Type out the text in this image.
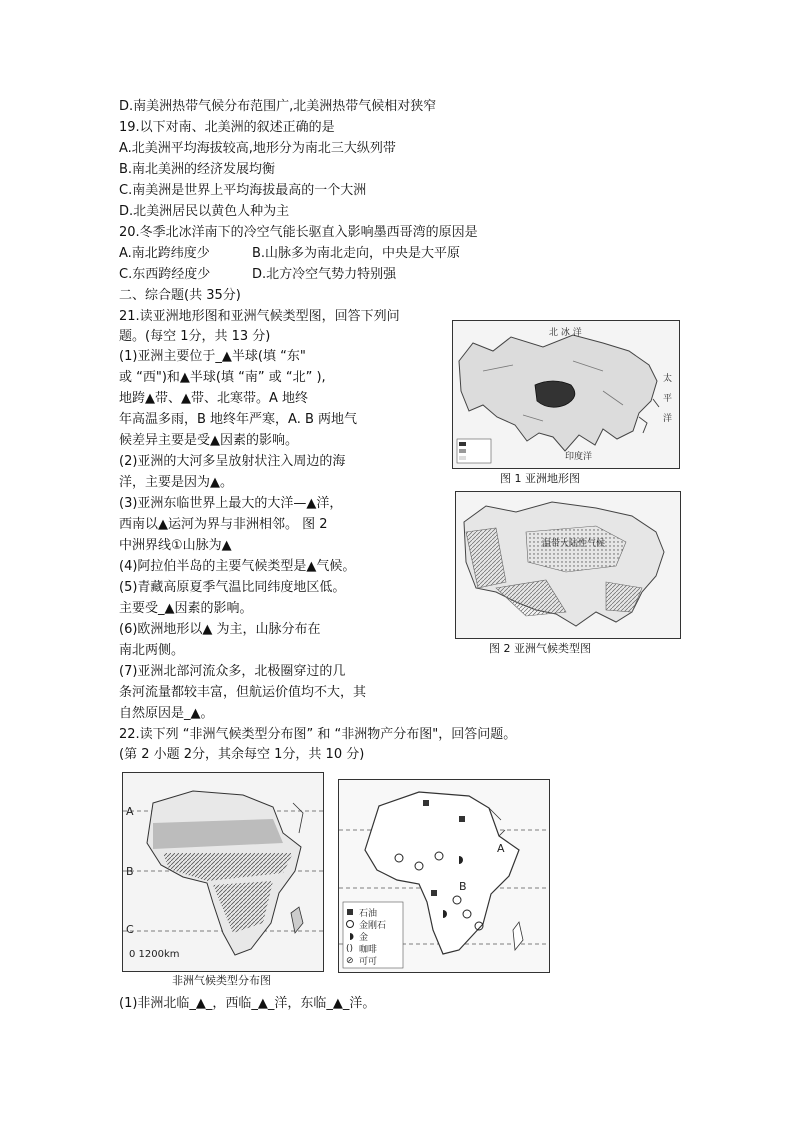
D.南美洲热带气候分布范围广,北美洲热带气候相对狭窄
19.以下对南、北美洲的叙述正确的是
A.北美洲平均海拔较高,地形分为南北三大纵列带
B.南北美洲的经济发展均衡
C.南美洲是世界上平均海拔最高的一个大洲
D.北美洲居民以黄色人种为主
20.冬季北冰洋南下的冷空气能长驱直入影响墨西哥湾的原因是
A.南北跨纬度少	B.山脉多为南北走向，中央是大平原
C.东西跨经度少	D.北方冷空气势力特别强
二、综合题(共 35分)
21.读亚洲地形图和亚洲气候类型图，回答下列问
题。(每空 1分，共 13 分)
(1)亚洲主要位于_▲半球(填 “东"
或 “西")和▲半球(填 “南” 或 “北” ),
地跨▲带、▲带、北寒带。A 地终
年高温多雨，B 地终年严寒，A. B 两地气
候差异主要是受▲因素的影响。
(2)亚洲的大河多呈放射状注入周边的海
洋，主要是因为▲。
(3)亚洲东临世界上最大的大洋—▲洋，
西南以▲运河为界与非洲相邻。 图 2
中洲界线①山脉为▲
(4)阿拉伯半岛的主要气候类型是▲气候。
(5)青藏高原夏季气温比同纬度地区低。
主要受_▲因素的影响。
(6)欧洲地形以▲ 为主，山脉分布在
南北两侧。
(7)亚洲北部河流众多，北极圈穿过的几
条河流量都较丰富，但航运价值均不大，其
自然原因是_▲。
22.读下列 “非洲气候类型分布图” 和 “非洲物产分布图"，回答问题。
(第 2 小题 2分，其余每空 1分，共 10 分)
(1)非洲北临_▲_，西临_▲_洋，东临_▲_洋。
北 冰 洋
太
平
洋
印度洋
图 1 亚洲地形图
温带大陆性气候
图 2 亚洲气候类型图
A
B
C
0 1200km
非洲气候类型分布图
()
⊘
A
B
石油
金刚石
金
咖啡
可可
